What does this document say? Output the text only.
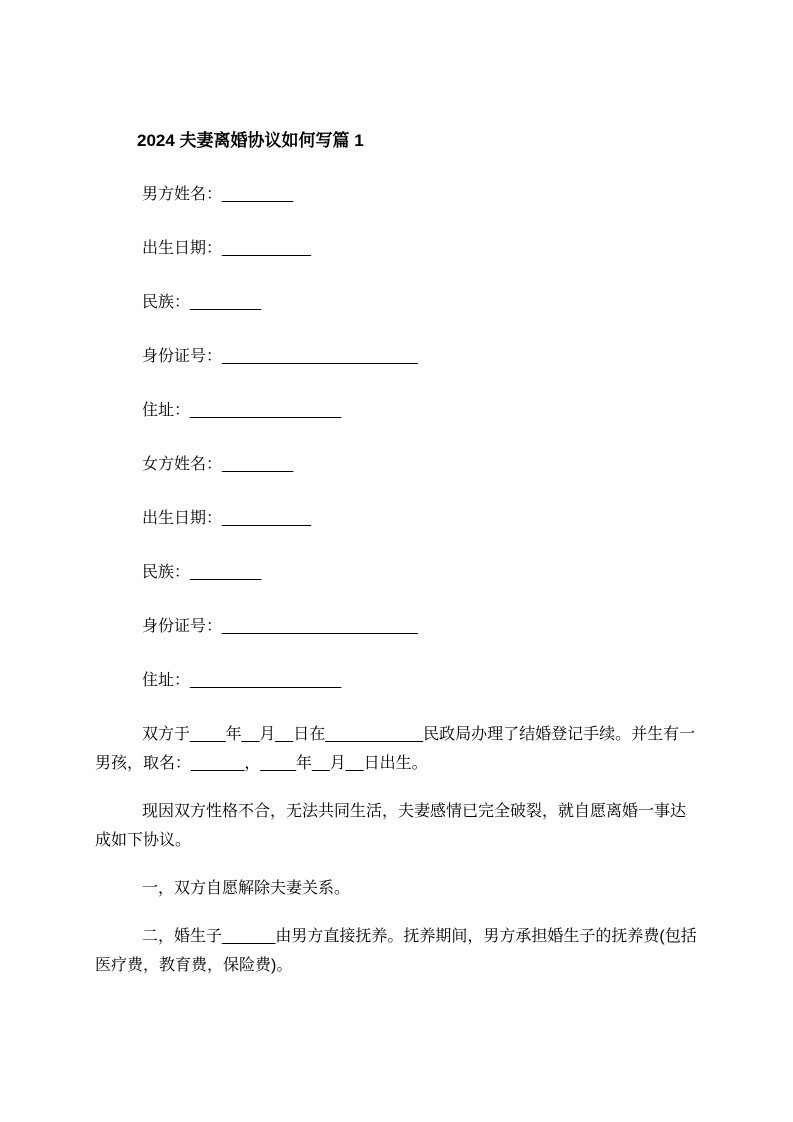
2024 夫妻离婚协议如何写篇 1

男方姓名：________

出生日期：__________

民族：________

身份证号：______________________

住址：_________________

女方姓名：________

出生日期：__________

民族：________

身份证号：______________________

住址：_________________

双方于____年__月__日在___________民政局办理了结婚登记手续。并生有一男孩，取名：______，____年__月__日出生。

现因双方性格不合，无法共同生活，夫妻感情已完全破裂，就自愿离婚一事达成如下协议。

一，双方自愿解除夫妻关系。

二，婚生子______由男方直接抚养。抚养期间，男方承担婚生子的抚养费(包括医疗费，教育费，保险费)。
